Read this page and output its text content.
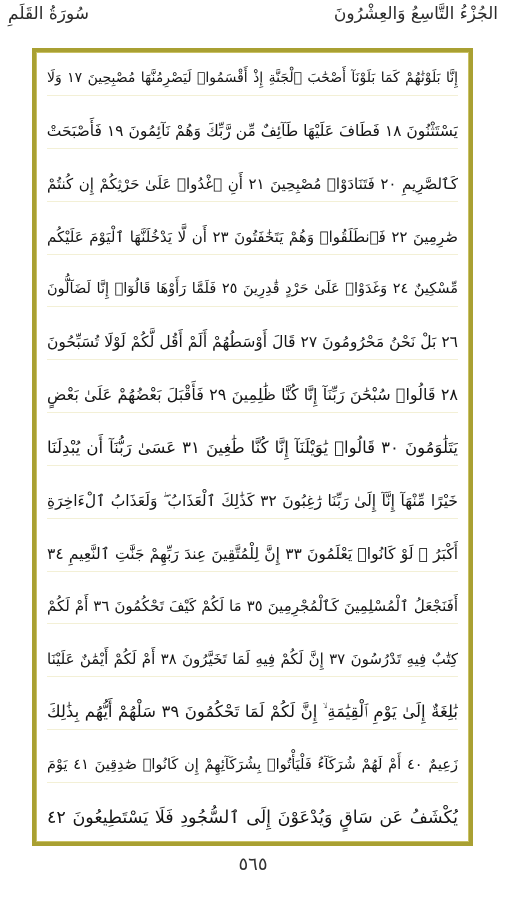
الجُزْءُ التَّاسِعُ وَالعِشْرُونَ
سُورَةُ القَلَمِ
إِنَّا بَلَوْنَٰهُمْ كَمَا بَلَوْنَآ أَصْحَٰبَ ٱلْجَنَّةِ إِذْ أَقْسَمُوا۟ لَيَصْرِمُنَّهَا مُصْبِحِينَ ١٧ وَلَا
يَسْتَثْنُونَ ١٨ فَطَافَ عَلَيْهَا طَآئِفٌ مِّن رَّبِّكَ وَهُمْ نَآئِمُونَ ١٩ فَأَصْبَحَتْ
كَٱلصَّرِيمِ ٢٠ فَتَنَادَوْا۟ مُصْبِحِينَ ٢١ أَنِ ٱغْدُوا۟ عَلَىٰ حَرْثِكُمْ إِن كُنتُمْ
صَٰرِمِينَ ٢٢ فَٱنطَلَقُوا۟ وَهُمْ يَتَخَٰفَتُونَ ٢٣ أَن لَّا يَدْخُلَنَّهَا ٱلْيَوْمَ عَلَيْكُم
مِّسْكِينٌ ٢٤ وَغَدَوْا۟ عَلَىٰ حَرْدٍ قَٰدِرِينَ ٢٥ فَلَمَّا رَأَوْهَا قَالُوٓا۟ إِنَّا لَضَآلُّونَ
٢٦ بَلْ نَحْنُ مَحْرُومُونَ ٢٧ قَالَ أَوْسَطُهُمْ أَلَمْ أَقُل لَّكُمْ لَوْلَا تُسَبِّحُونَ
٢٨ قَالُوا۟ سُبْحَٰنَ رَبِّنَآ إِنَّا كُنَّا ظَٰلِمِينَ ٢٩ فَأَقْبَلَ بَعْضُهُمْ عَلَىٰ بَعْضٍ
يَتَلَٰوَمُونَ ٣٠ قَالُوا۟ يَٰوَيْلَنَآ إِنَّا كُنَّا طَٰغِينَ ٣١ عَسَىٰ رَبُّنَآ أَن يُبْدِلَنَا
خَيْرًا مِّنْهَآ إِنَّآ إِلَىٰ رَبِّنَا رَٰغِبُونَ ٣٢ كَذَٰلِكَ ٱلْعَذَابُ ۖ وَلَعَذَابُ ٱلْءَاخِرَةِ
أَكْبَرُ ۚ لَوْ كَانُوا۟ يَعْلَمُونَ ٣٣ إِنَّ لِلْمُتَّقِينَ عِندَ رَبِّهِمْ جَنَّٰتِ ٱلنَّعِيمِ ٣٤
أَفَنَجْعَلُ ٱلْمُسْلِمِينَ كَٱلْمُجْرِمِينَ ٣٥ مَا لَكُمْ كَيْفَ تَحْكُمُونَ ٣٦ أَمْ لَكُمْ
كِتَٰبٌ فِيهِ تَدْرُسُونَ ٣٧ إِنَّ لَكُمْ فِيهِ لَمَا تَخَيَّرُونَ ٣٨ أَمْ لَكُمْ أَيْمَٰنٌ عَلَيْنَا
بَٰلِغَةٌ إِلَىٰ يَوْمِ ٱلْقِيَٰمَةِ ۙ إِنَّ لَكُمْ لَمَا تَحْكُمُونَ ٣٩ سَلْهُمْ أَيُّهُم بِذَٰلِكَ
زَعِيمٌ ٤٠ أَمْ لَهُمْ شُرَكَآءُ فَلْيَأْتُوا۟ بِشُرَكَآئِهِمْ إِن كَانُوا۟ صَٰدِقِينَ ٤١ يَوْمَ
يُكْشَفُ عَن سَاقٍ وَيُدْعَوْنَ إِلَى ٱلسُّجُودِ فَلَا يَسْتَطِيعُونَ ٤٢
٥٦٥
